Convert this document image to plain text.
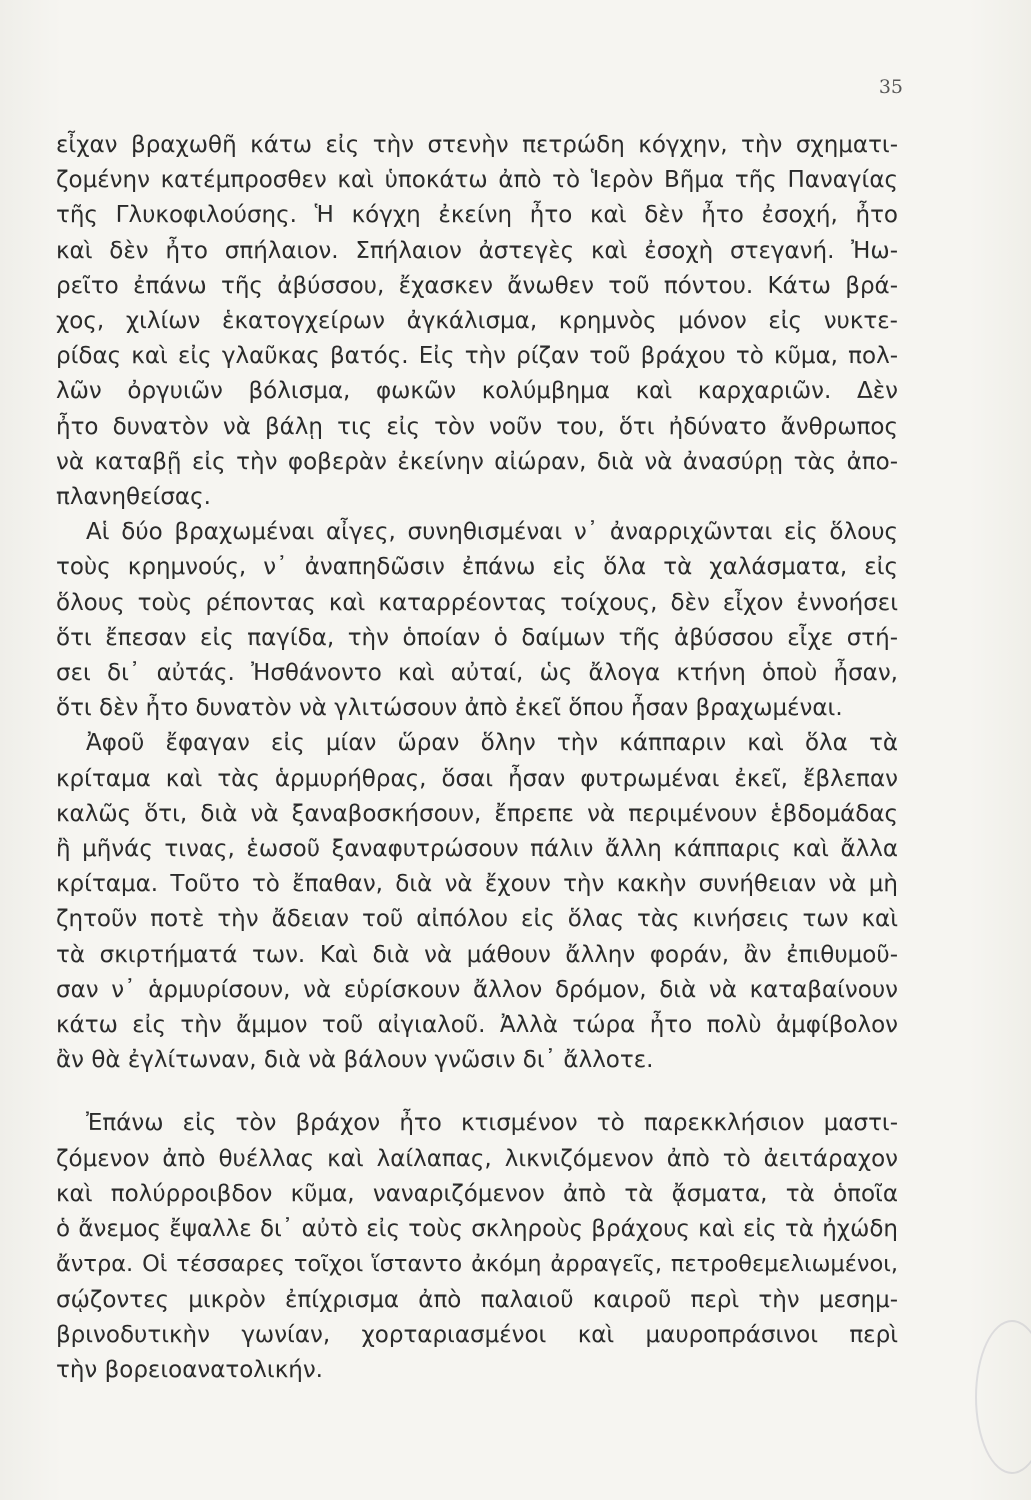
35

εἶχαν βραχωθῆ κάτω εἰς τὴν στενὴν πετρώδη κόγχην, τὴν σχηματι-
ζομένην κατέμπροσθεν καὶ ὑποκάτω ἀπὸ τὸ Ἱερὸν Βῆμα τῆς Παναγίας
τῆς Γλυκοφιλούσης. Ἡ κόγχη ἐκείνη ἦτο καὶ δὲν ἦτο ἐσοχή, ἦτο
καὶ δὲν ἦτο σπήλαιον. Σπήλαιον ἀστεγὲς καὶ ἐσοχὴ στεγανή. Ἠω-
ρεῖτο ἐπάνω τῆς ἀβύσσου, ἔχασκεν ἄνωθεν τοῦ πόντου. Κάτω βρά-
χος, χιλίων ἑκατογχείρων ἀγκάλισμα, κρημνὸς μόνον εἰς νυκτε-
ρίδας καὶ εἰς γλαῦκας βατός. Εἰς τὴν ρίζαν τοῦ βράχου τὸ κῦμα, πολ-
λῶν ὀργυιῶν βόλισμα, φωκῶν κολύμβημα καὶ καρχαριῶν. Δὲν
ἦτο δυνατὸν νὰ βάλῃ τις εἰς τὸν νοῦν του, ὅτι ἠδύνατο ἄνθρωπος
νὰ καταβῇ εἰς τὴν φοβερὰν ἐκείνην αἰώραν, διὰ νὰ ἀνασύρῃ τὰς ἀπο-
πλανηθείσας.

Αἱ δύο βραχωμέναι αἶγες, συνηθισμέναι ν᾽ ἀναρριχῶνται εἰς ὅλους
τοὺς κρημνούς, ν᾽ ἀναπηδῶσιν ἐπάνω εἰς ὅλα τὰ χαλάσματα, εἰς
ὅλους τοὺς ρέποντας καὶ καταρρέοντας τοίχους, δὲν εἶχον ἐννοήσει
ὅτι ἔπεσαν εἰς παγίδα, τὴν ὁποίαν ὁ δαίμων τῆς ἀβύσσου εἶχε στή-
σει δι᾽ αὐτάς. Ἠσθάνοντο καὶ αὐταί, ὡς ἄλογα κτήνη ὁποὺ ἦσαν,
ὅτι δὲν ἦτο δυνατὸν νὰ γλιτώσουν ἀπὸ ἐκεῖ ὅπου ἦσαν βραχωμέναι.

Ἀφοῦ ἔφαγαν εἰς μίαν ὥραν ὅλην τὴν κάππαριν καὶ ὅλα τὰ
κρίταμα καὶ τὰς ἁρμυρήθρας, ὅσαι ἦσαν φυτρωμέναι ἐκεῖ, ἔβλεπαν
καλῶς ὅτι, διὰ νὰ ξαναβοσκήσουν, ἔπρεπε νὰ περιμένουν ἑβδομάδας
ἢ μῆνάς τινας, ἑωσοῦ ξαναφυτρώσουν πάλιν ἄλλη κάππαρις καὶ ἄλλα
κρίταμα. Τοῦτο τὸ ἔπαθαν, διὰ νὰ ἔχουν τὴν κακὴν συνήθειαν νὰ μὴ
ζητοῦν ποτὲ τὴν ἄδειαν τοῦ αἰπόλου εἰς ὅλας τὰς κινήσεις των καὶ
τὰ σκιρτήματά των. Καὶ διὰ νὰ μάθουν ἄλλην φοράν, ἂν ἐπιθυμοῦ-
σαν ν᾽ ἁρμυρίσουν, νὰ εὑρίσκουν ἄλλον δρόμον, διὰ νὰ καταβαίνουν
κάτω εἰς τὴν ἄμμον τοῦ αἰγιαλοῦ. Ἀλλὰ τώρα ἦτο πολὺ ἀμφίβολον
ἂν θὰ ἐγλίτωναν, διὰ νὰ βάλουν γνῶσιν δι᾽ ἄλλοτε.

Ἐπάνω εἰς τὸν βράχον ἦτο κτισμένον τὸ παρεκκλήσιον μαστι-
ζόμενον ἀπὸ θυέλλας καὶ λαίλαπας, λικνιζόμενον ἀπὸ τὸ ἀειτάραχον
καὶ πολύρροιβδον κῦμα, ναναριζόμενον ἀπὸ τὰ ᾄσματα, τὰ ὁποῖα
ὁ ἄνεμος ἔψαλλε δι᾽ αὐτὸ εἰς τοὺς σκληροὺς βράχους καὶ εἰς τὰ ἠχώδη
ἄντρα. Οἱ τέσσαρες τοῖχοι ἵσταντο ἀκόμη ἀρραγεῖς, πετροθεμελιωμένοι,
σῴζοντες μικρὸν ἐπίχρισμα ἀπὸ παλαιοῦ καιροῦ περὶ τὴν μεσημ-
βρινοδυτικὴν γωνίαν, χορταριασμένοι καὶ μαυροπράσινοι περὶ
τὴν βορειοανατολικήν.
